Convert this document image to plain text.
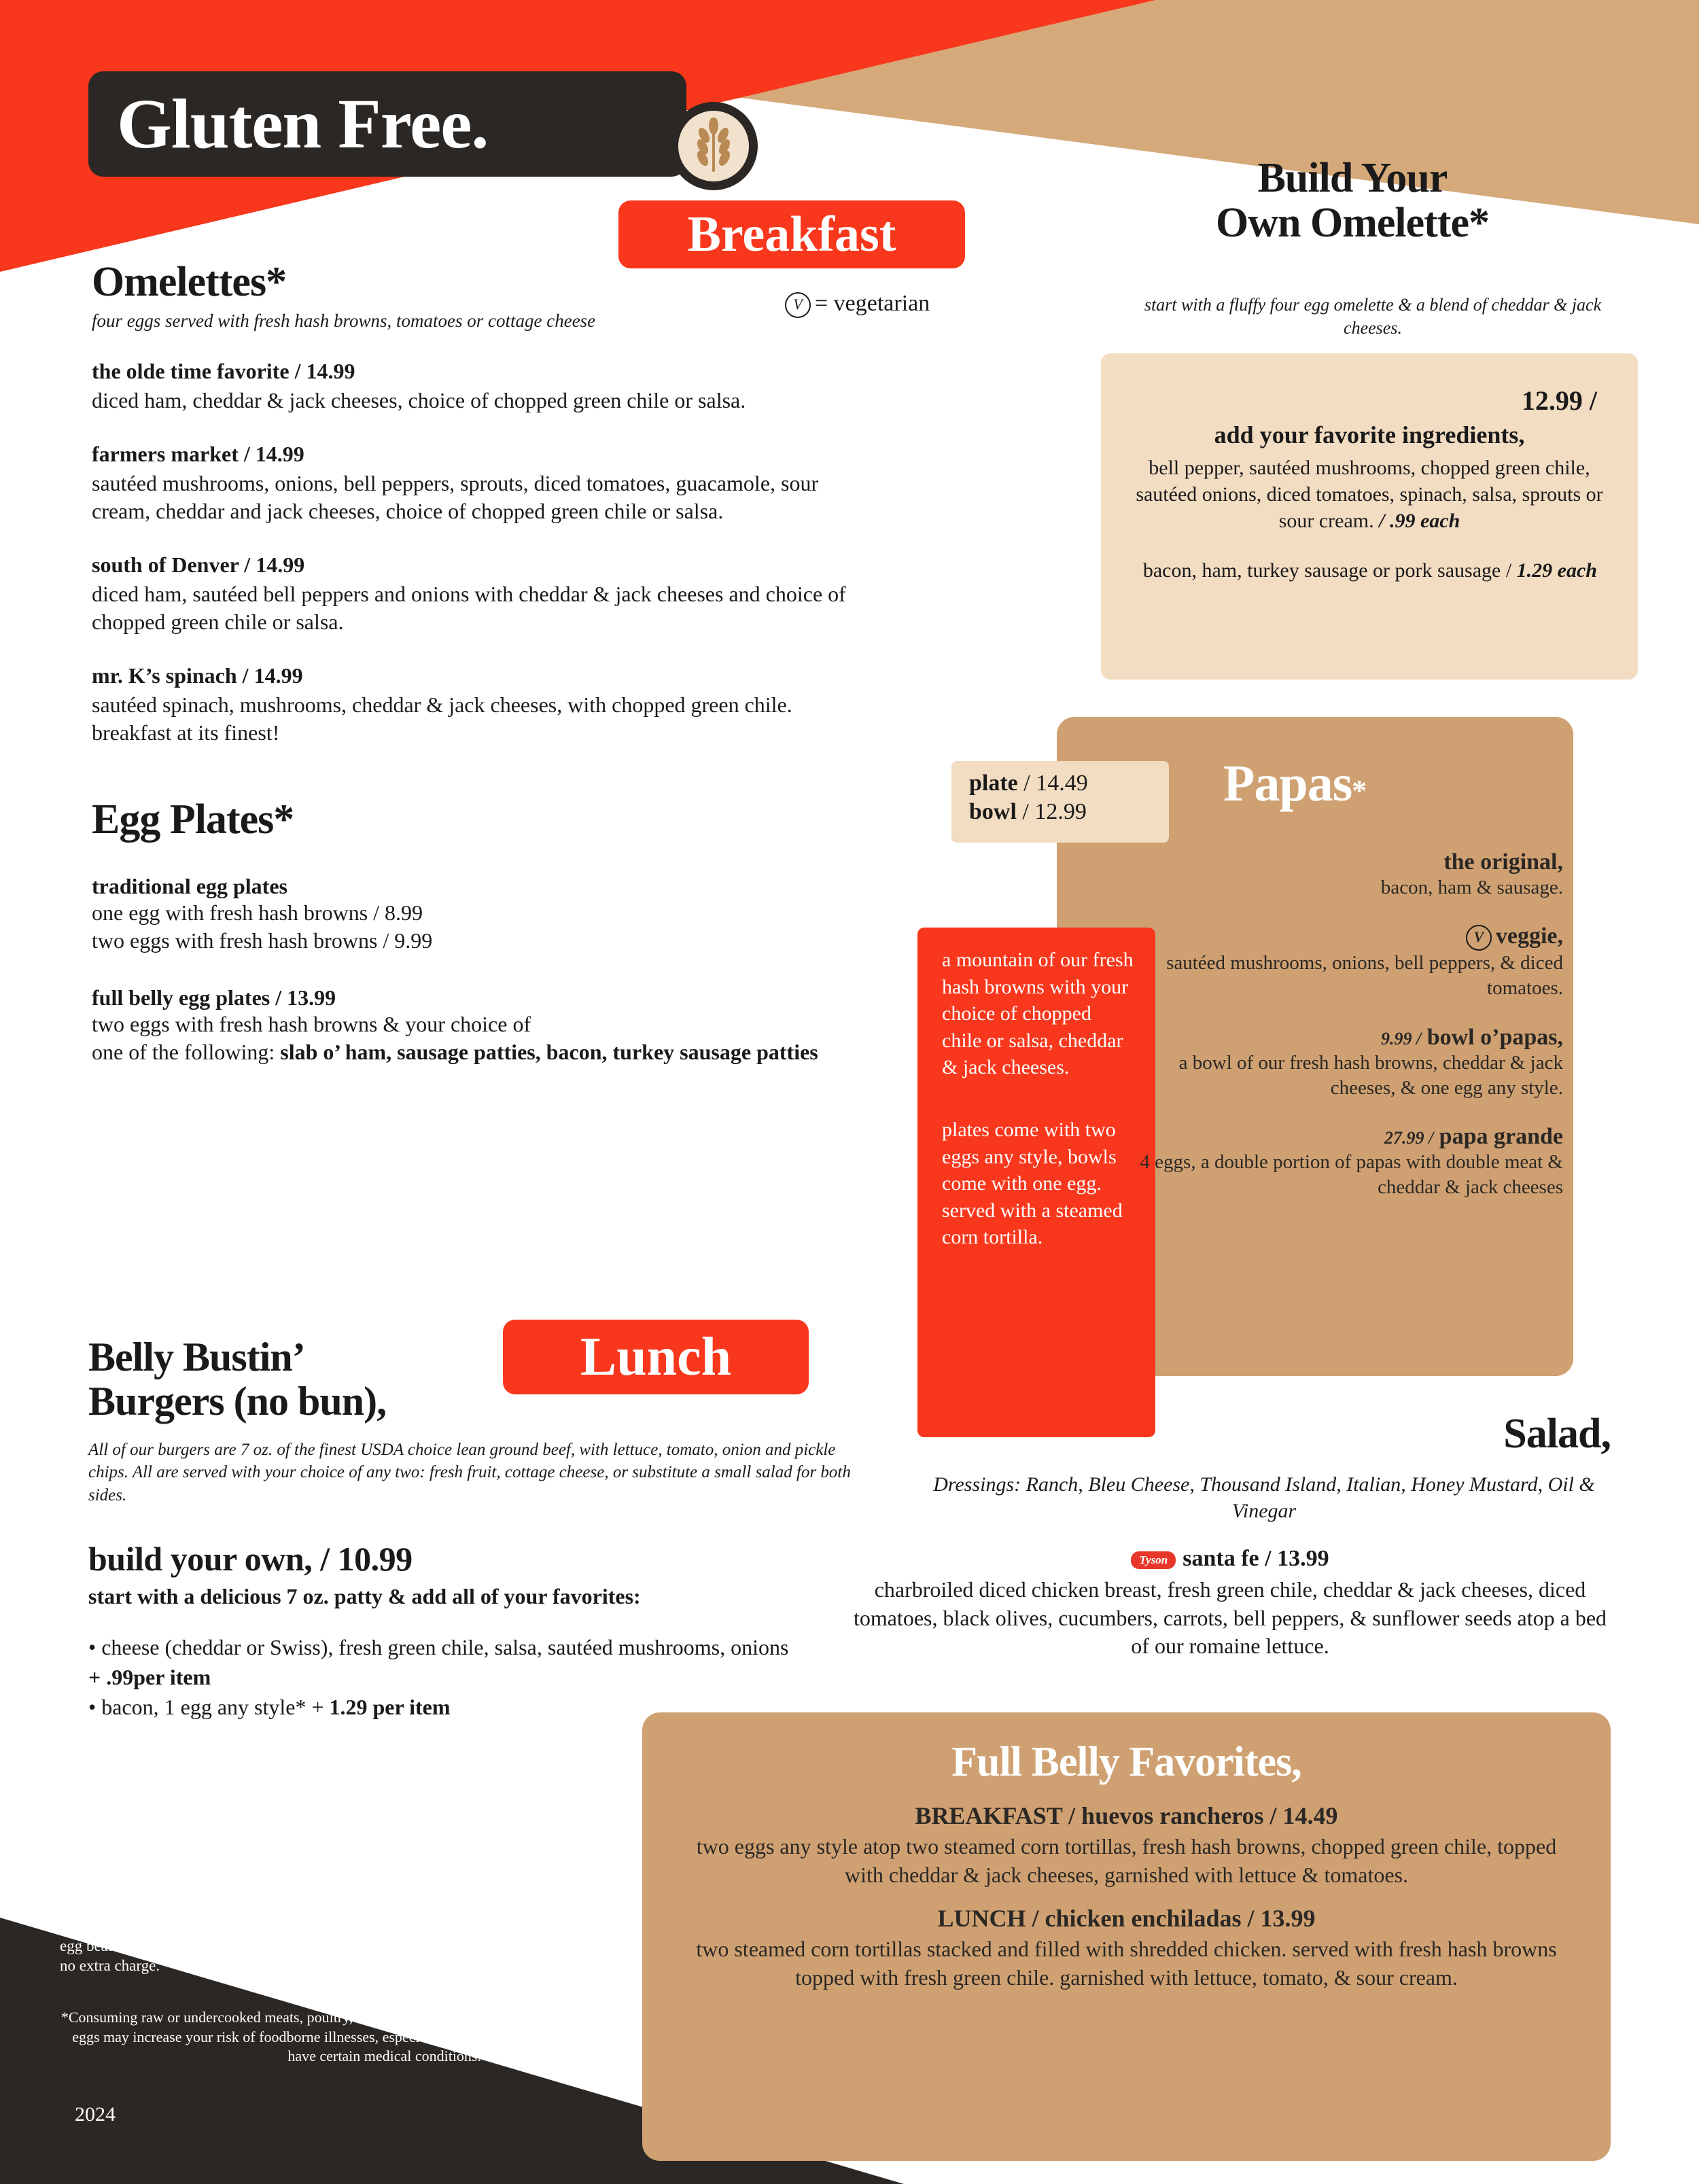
Gluten Free.
Breakfast
Lunch
V = vegetarian
Omelettes*

four eggs served with fresh hash browns, tomatoes or cottage cheese

the olde time favorite / 14.99
diced ham, cheddar & jack cheeses, choice of chopped green chile or salsa.
farmers market / 14.99
sautéed mushrooms, onions, bell peppers, sprouts, diced tomatoes, guacamole, sour cream, cheddar and jack cheeses, choice of chopped green chile or salsa.
south of Denver / 14.99
diced ham, sautéed bell peppers and onions with cheddar & jack cheeses and choice of chopped green chile or salsa.
mr. K’s spinach / 14.99
sautéed spinach, mushrooms, cheddar & jack cheeses, with chopped green chile. breakfast at its finest!
Egg Plates*
traditional egg plates
one egg with fresh hash browns / 8.99
two eggs with fresh hash browns / 9.99
full belly egg plates / 13.99
two eggs with fresh hash browns & your choice of
one of the following: slab o’ ham, sausage patties, bacon, turkey sausage patties
Build Your
Own Omelette*
start with a fluffy four egg omelette & a blend of cheddar & jack cheeses.
12.99 /
add your favorite ingredients,
bell pepper, sautéed mushrooms, chopped green chile, sautéed onions, diced tomatoes, spinach, salsa, sprouts or sour cream. / .99 each
bacon, ham, turkey sausage or pork sausage / 1.29 each
Papas*
plate / 14.49
bowl / 12.99
a mountain of our fresh hash browns with your choice of chopped chile or salsa, cheddar & jack cheeses.
plates come with two eggs any style, bowls come with one egg. served with a steamed corn tortilla.
the original,
bacon, ham & sausage.
V veggie,
sautéed mushrooms, onions, bell peppers, & diced tomatoes.
9.99 / bowl o’papas,
a bowl of our fresh hash browns, cheddar & jack cheeses, & one egg any style.
27.99 / papa grande
4 eggs, a double portion of papas with double meat & cheddar & jack cheeses
Belly Bustin’
Burgers (no bun),
All of our burgers are 7 oz. of the finest USDA choice lean ground beef, with lettuce, tomato, onion and pickle chips. All are served with your choice of any two: fresh fruit, cottage cheese, or substitute a small salad for both sides.
build your own, / 10.99
start with a delicious 7 oz. patty & add all of your favorites:
• cheese (cheddar or Swiss), fresh green chile, salsa, sautéed mushrooms, onions
+ .99per item
• bacon, 1 egg any style* + 1.29 per item
Salad,
Dressings: Ranch, Bleu Cheese, Thousand Island, Italian, Honey Mustard, Oil & Vinegar
Tyson santa fe / 13.99
charbroiled diced chicken breast, fresh green chile, cheddar & jack cheeses, diced tomatoes, black olives, cucumbers, carrots, bell peppers, & sunflower seeds atop a bed of our romaine lettuce.
Full Belly Favorites,
BREAKFAST / huevos rancheros / 14.49
two eggs any style atop two steamed corn tortillas, fresh hash browns, chopped green chile, topped with cheddar & jack cheeses, garnished with lettuce & tomatoes.
LUNCH / chicken enchiladas / 13.99
two steamed corn tortillas stacked and filled with shredded chicken. served with fresh hash browns topped with fresh green chile. garnished with lettuce, tomato, & sour cream.
egg beaters or egg whites (substitution) for no extra charge.
*Consuming raw or undercooked meats, poultry, seafood, shellfish, or eggs may increase your risk of foodborne illnesses, especially if you have certain medical conditions.
2024
